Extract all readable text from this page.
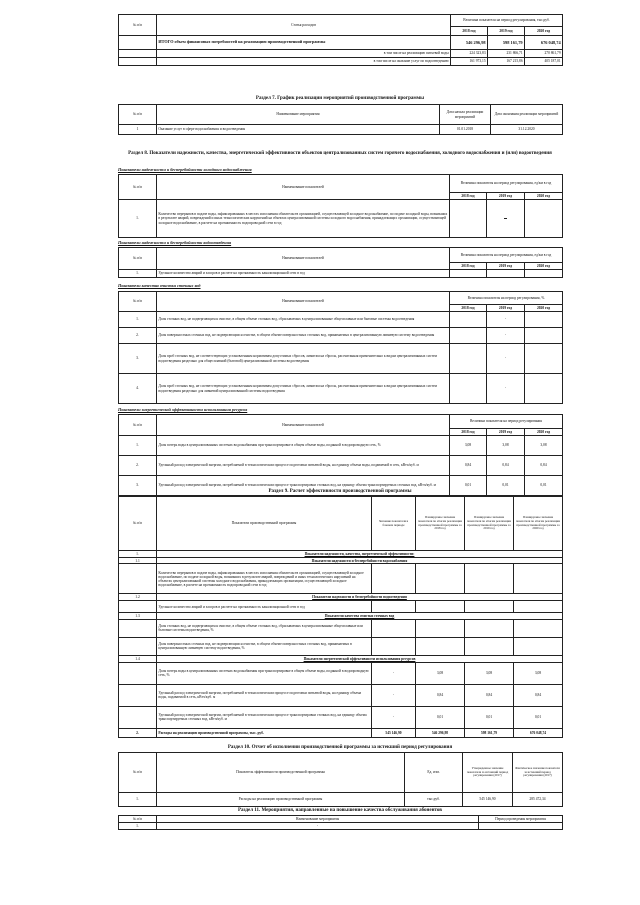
№ п/п	Статья расходов	Величина показателя на период регулирования, тыс.руб.		
		2018 год	2019 год	2020 год
	ИТОГО объем финансовых потребностей на реализацию производственной программы	546 296,98	598 161,79	676 048,74
	в том числе на реализацию питьевой воды	224 323,83	231 866,71	270 861,79
	в том числе на оказание услуг по водоотведению	161 973,15	167 215,86	405 187,01
Раздел 7. График реализации мероприятий производственной программы
№ п/п	Наименование мероприятия	Дата начала реализации мероприятий	Дата окончания реализации мероприятий
1	Оказание услуг в сфере водоснабжения и водоотведения	01.01.2018	31.12.2020
Раздел 8. Показатели надежности, качества, энергетической эффективности объектов централизованных систем горячего водоснабжения, холодного водоснабжения и (или) водоотведения
Показатели надежности и бесперебойности холодного водоснабжения
№ п/п	Наименование показателей	Величина показателя на период регулирования, ед/км в год		
		2018 год	2019 год	2020 год
1.	Количество перерывов в подаче воды, зафиксированных в местах исполнения обязательств организацией, осуществляющей холодное водоснабжение, по подаче холодной воды, возникших в результате аварий, повреждений и иных технологических нарушений на объектах централизованной системы холодного водоснабжения, принадлежащих организации, осуществляющей холодное водоснабжение, в расчете на протяженность водопроводной сети в год			
Показатели надежности и бесперебойности водоотведения
№ п/п	Наименование показателей	Величина показателя на период регулирования, ед/км в год		
		2018 год	2019 год	2020 год
1.	Удельное количество аварий и засоров в расчете на протяженность канализационной сети в год			
Показатели качества очистки сточных вод
№ п/п	Наименование показателей	Величина показателя на период регулирования, %		
		2018 год	2019 год	2020 год
1.	Доля сточных вод, не подвергающихся очистке, в общем объеме сточных вод, сбрасываемых в централизованные общесплавные или бытовые системы водоотведения		-	
2.	Доля поверхностных сточных вод, не подвергающихся очистке, в общем объеме поверхностных сточных вод, принимаемых в централизованную ливневую систему водоотведения		-	
3.	Доля проб сточных вод, не соответствующих установленным нормативам допустимых сбросов, лимитам на сбросы, рассчитанная применительно к видам централизованных систем водоотведения раздельно для общесплавной (бытовой) централизованной системы водоотведения		-	
4.	Доля проб сточных вод, не соответствующих установленным нормативам допустимых сбросов, лимитам на сбросы, рассчитанная применительно к видам централизованных систем водоотведения раздельно для ливневой централизованной системы водоотведения		-	
Показатели энергетической эффективности использования ресурсов
№ п/п	Наименование показателей	Величина показателя на период регулирования		
		2018 год	2019 год	2020 год
1.	Доля потерь воды в централизованных системах водоснабжения при транспортировке в общем объеме воды, поданной в водопроводную сеть, %	3,08	3,08	3,08
2.	Удельный расход электрической энергии, потребляемой в технологическом процессе подготовки питьевой воды, на единицу объема воды, подаваемой в сеть, кВтч/куб. м	0,84	0,84	0,84
3.	Удельный расход электрической энергии, потребляемой в технологическом процессе транспортировки сточных вод, на единицу объема транспортируемых сточных вод, кВтч/куб. м	0,01	0,01	0,01
Раздел 9. Расчет эффективности производственной программы
№ п/п	Показатели производственной программы	Значение показателя в базовом периоде	Планируемое значение показателя по итогам реализации производственной программы за 2018 год	Планируемое значение показателя по итогам реализации производственной программы за 2019 год	Планируемое значение показателя по итогам реализации производственной программы за 2020 год
1.	Показатели надежности, качества, энергетической эффективности:				
1.1	Показатели надежности и бесперебойности водоснабжения				
	Количество перерывов в подаче воды, зафиксированных в местах исполнения обязательств организацией, осуществляющей холодное водоснабжение, по подаче холодной воды, возникших в результате аварий, повреждений и иных технологических нарушений на объектах централизованной системы холодного водоснабжения, принадлежащих организации, осуществляющей холодное водоснабжение, в расчете на протяженность водопроводной сети в год				
1.2	Показатели надежности и бесперебойности водоотведения				
	Удельное количество аварий и засоров в расчете на протяженность канализационной сети в год				
1.3	Показатели качества очистки сточных вод				
	Доля сточных вод, не подвергающихся очистке, в общем объеме сточных вод, сбрасываемых в централизованные общесплавные или бытовые системы водоотведения, %				
	Доля поверхностных сточных вод, не подвергающихся очистке, в общем объеме поверхностных сточных вод, принимаемых в централизованную ливневую систему водоотведения, %				
1.4	Показатели энергетической эффективности использования ресурсов				
	Доля потерь воды в централизованных системах водоснабжения при транспортировке в общем объеме воды, поданной в водопроводную сеть, %	-	3,08	3,08	3,08
	Удельный расход электрической энергии, потребляемой в технологическом процессе подготовки питьевой воды, на единицу объема воды, подаваемой в сеть, кВтч/куб. м	-	0,84	0,84	0,84
	Удельный расход электрической энергии, потребляемой в технологическом процессе транспортировки сточных вод, на единицу объема транспортируемых сточных вод, кВтч/куб. м	-	0,01	0,01	0,01
2.	Расходы на реализацию производственной программы, тыс. руб.	545 146,90	546 296,98	598 161,79	676 048,74
Раздел 10. Отчет об исполнении производственной программы за истекший период регулирования
№ п/п	Показатель эффективности производственной программы	Ед. изм.	Утвержденное значение показателя за истекший период регулирования (2017)	Фактическое значение показателя за истекший период регулирования (2017)
1.	Расходы на реализацию производственной программы	тыс.руб.	545 146,90	285 472,34
Раздел 11. Мероприятия, направленные на повышение качества обслуживания абонентов
№ п/п	Наименование мероприятия	Период проведения мероприятия
1.	-	
